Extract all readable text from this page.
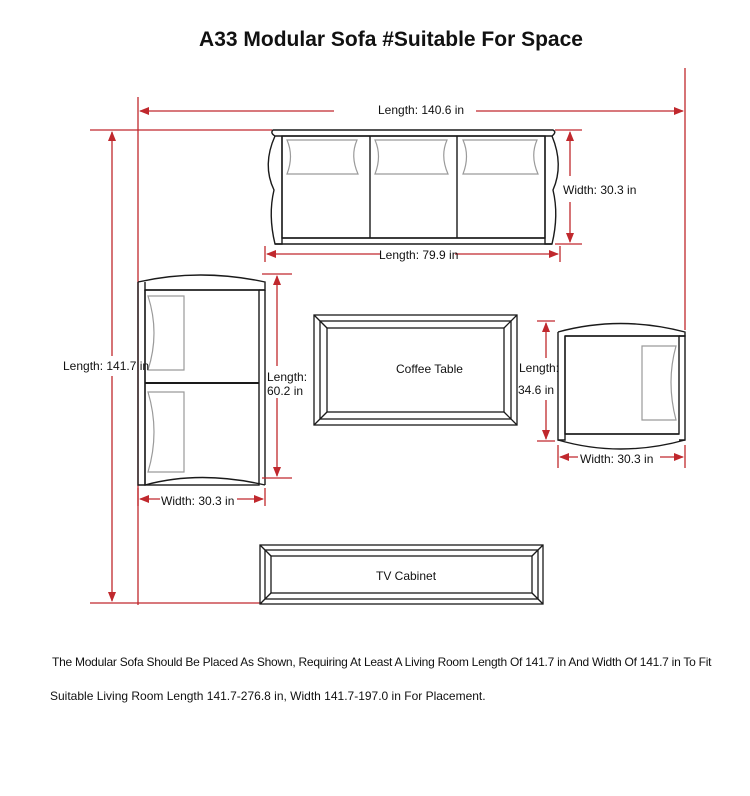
A33 Modular Sofa #Suitable For Space
Length: 140.6 in
Length: 141.7 in
Width: 30.3 in
Length: 79.9 in
Length:
60.2 in
Width: 30.3 in
Coffee Table	Length:
34.6 in
Width: 30.3 in
TV Cabinet
The Modular Sofa Should Be Placed As Shown, Requiring At Least A Living Room Length Of 141.7 in And Width Of 141.7 in To Fit
Suitable Living Room Length 141.7-276.8 in, Width 141.7-197.0 in For Placement.
